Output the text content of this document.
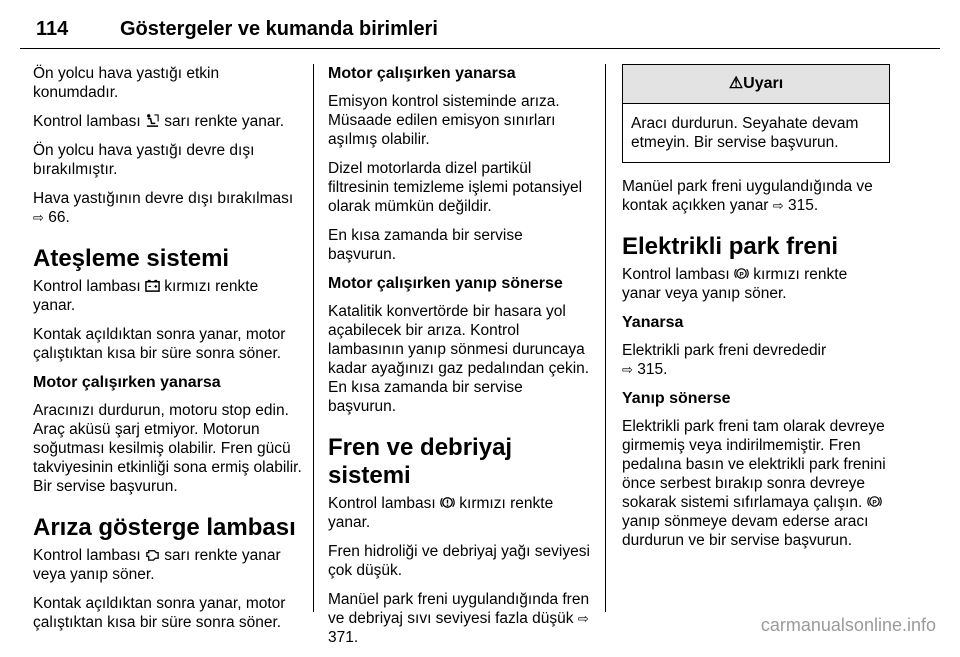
114	Göstergeler ve kumanda birimleri

Ön yolcu hava yastığı etkin konumdadır.

Kontrol lambası  sarı renkte yanar.

Ön yolcu hava yastığı devre dışı bırakılmıştır.

Hava yastığının devre dışı bırakılması ⇨ 66.

Ateşleme sistemi

Kontrol lambası  kırmızı renkte yanar.

Kontak açıldıktan sonra yanar, motor çalıştıktan kısa bir süre sonra söner.

Motor çalışırken yanarsa

Aracınızı durdurun, motoru stop edin. Araç aküsü şarj etmiyor. Motorun soğutması kesilmiş olabilir. Fren gücü takviyesinin etkinliği sona ermiş olabilir. Bir servise başvurun.

Arıza gösterge lambası

Kontrol lambası  sarı renkte yanar veya yanıp söner.

Kontak açıldıktan sonra yanar, motor çalıştıktan kısa bir süre sonra söner.

Motor çalışırken yanarsa

Emisyon kontrol sisteminde arıza. Müsaade edilen emisyon sınırları aşılmış olabilir.

Dizel motorlarda dizel partikül filtresinin temizleme işlemi potansiyel olarak mümkün değildir.

En kısa zamanda bir servise başvurun.

Motor çalışırken yanıp sönerse

Katalitik konvertörde bir hasara yol açabilecek bir arıza. Kontrol lambasının yanıp sönmesi duruncaya kadar ayağınızı gaz pedalından çekin. En kısa zamanda bir servise başvurun.

Fren ve debriyaj sistemi

Kontrol lambası  kırmızı renkte yanar.

Fren hidroliği ve debriyaj yağı seviyesi çok düşük.

Manüel park freni uygulandığında fren ve debriyaj sıvı seviyesi fazla düşük ⇨ 371.

⚠Uyarı
Aracı durdurun. Seyahate devam etmeyin. Bir servise başvurun.

Manüel park freni uygulandığında ve kontak açıkken yanar ⇨ 315.

Elektrikli park freni

Kontrol lambası P kırmızı renkte yanar veya yanıp söner.

Yanarsa

Elektrikli park freni devrededir
⇨ 315.

Yanıp sönerse

Elektrikli park freni tam olarak devreye girmemiş veya indirilmemiştir. Fren pedalına basın ve elektrikli park frenini önce serbest bırakıp sonra devreye sokarak sistemi sıfırlamaya çalışın. P
yanıp sönmeye devam ederse aracı durdurun ve bir servise başvurun.

carmanualsonline.info
